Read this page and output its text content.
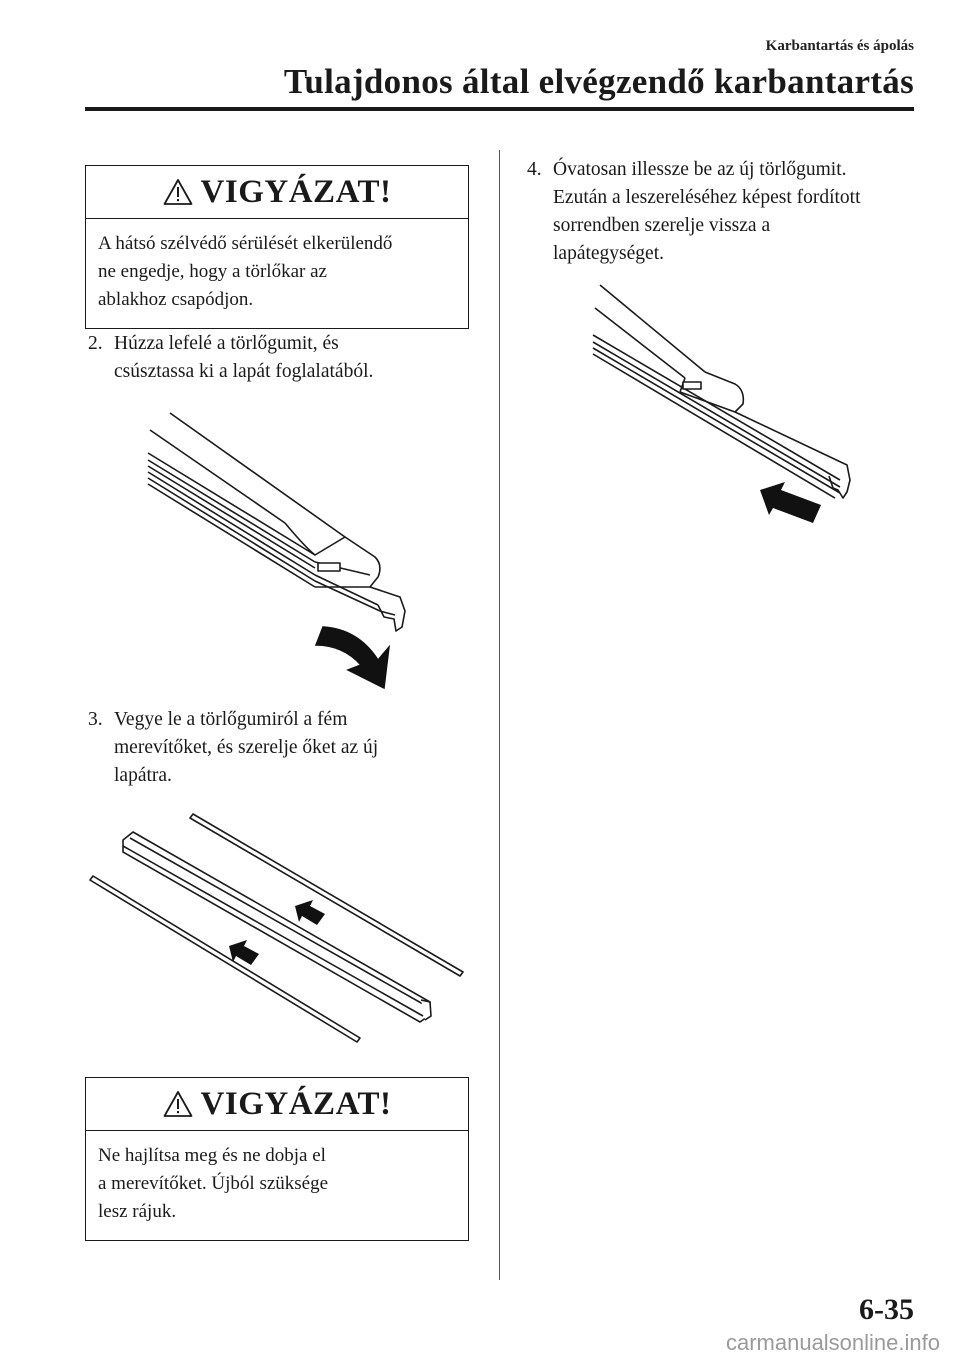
Karbantartás és ápolás
Tulajdonos által elvégzendő karbantartás
VIGYÁZAT!
A hátsó szélvédő sérülését elkerülendő
ne engedje, hogy a törlőkar az
ablakhoz csapódjon.
2. Húzza lefelé a törlőgumit, és
csúsztassa ki a lapát foglalatából.
3. Vegye le a törlőgumiról a fém
merevítőket, és szerelje őket az új
lapátra.
VIGYÁZAT!
Ne hajlítsa meg és ne dobja el
a merevítőket. Újból szüksége
lesz rájuk.
4. Óvatosan illessze be az új törlőgumit.
Ezután a leszereléséhez képest fordított
sorrendben szerelje vissza a
lapátegységet.
6-35
carmanualsonline.info
